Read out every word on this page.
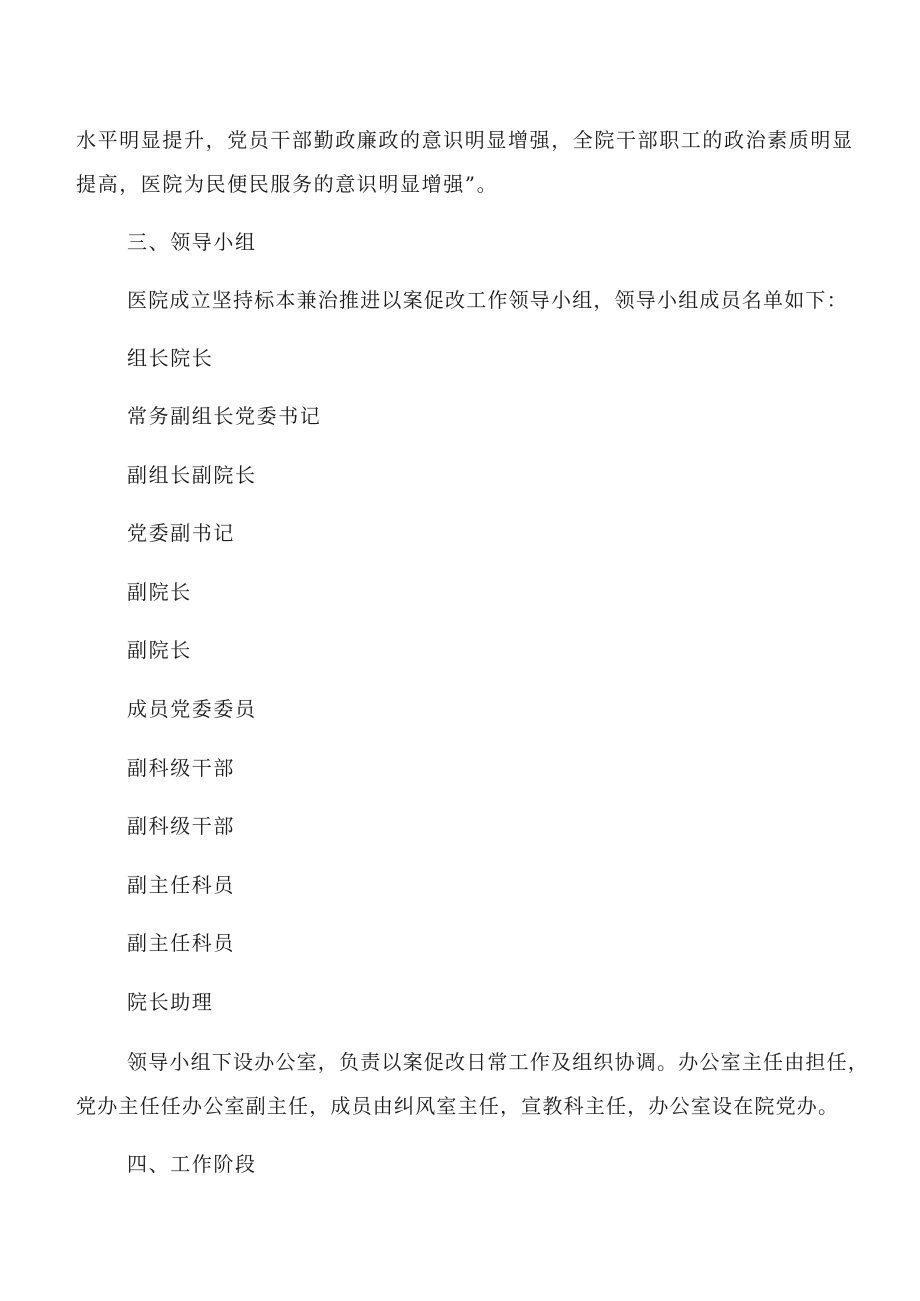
水平明显提升，党员干部勤政廉政的意识明显增强，全院干部职工的政治素质明显
提高，医院为民便民服务的意识明显增强”。
三、领导小组
医院成立坚持标本兼治推进以案促改工作领导小组，领导小组成员名单如下：
组长院长
常务副组长党委书记
副组长副院长
党委副书记
副院长
副院长
成员党委委员
副科级干部
副科级干部
副主任科员
副主任科员
院长助理
领导小组下设办公室，负责以案促改日常工作及组织协调。办公室主任由担任，
党办主任任办公室副主任，成员由纠风室主任，宣教科主任，办公室设在院党办。
四、工作阶段
